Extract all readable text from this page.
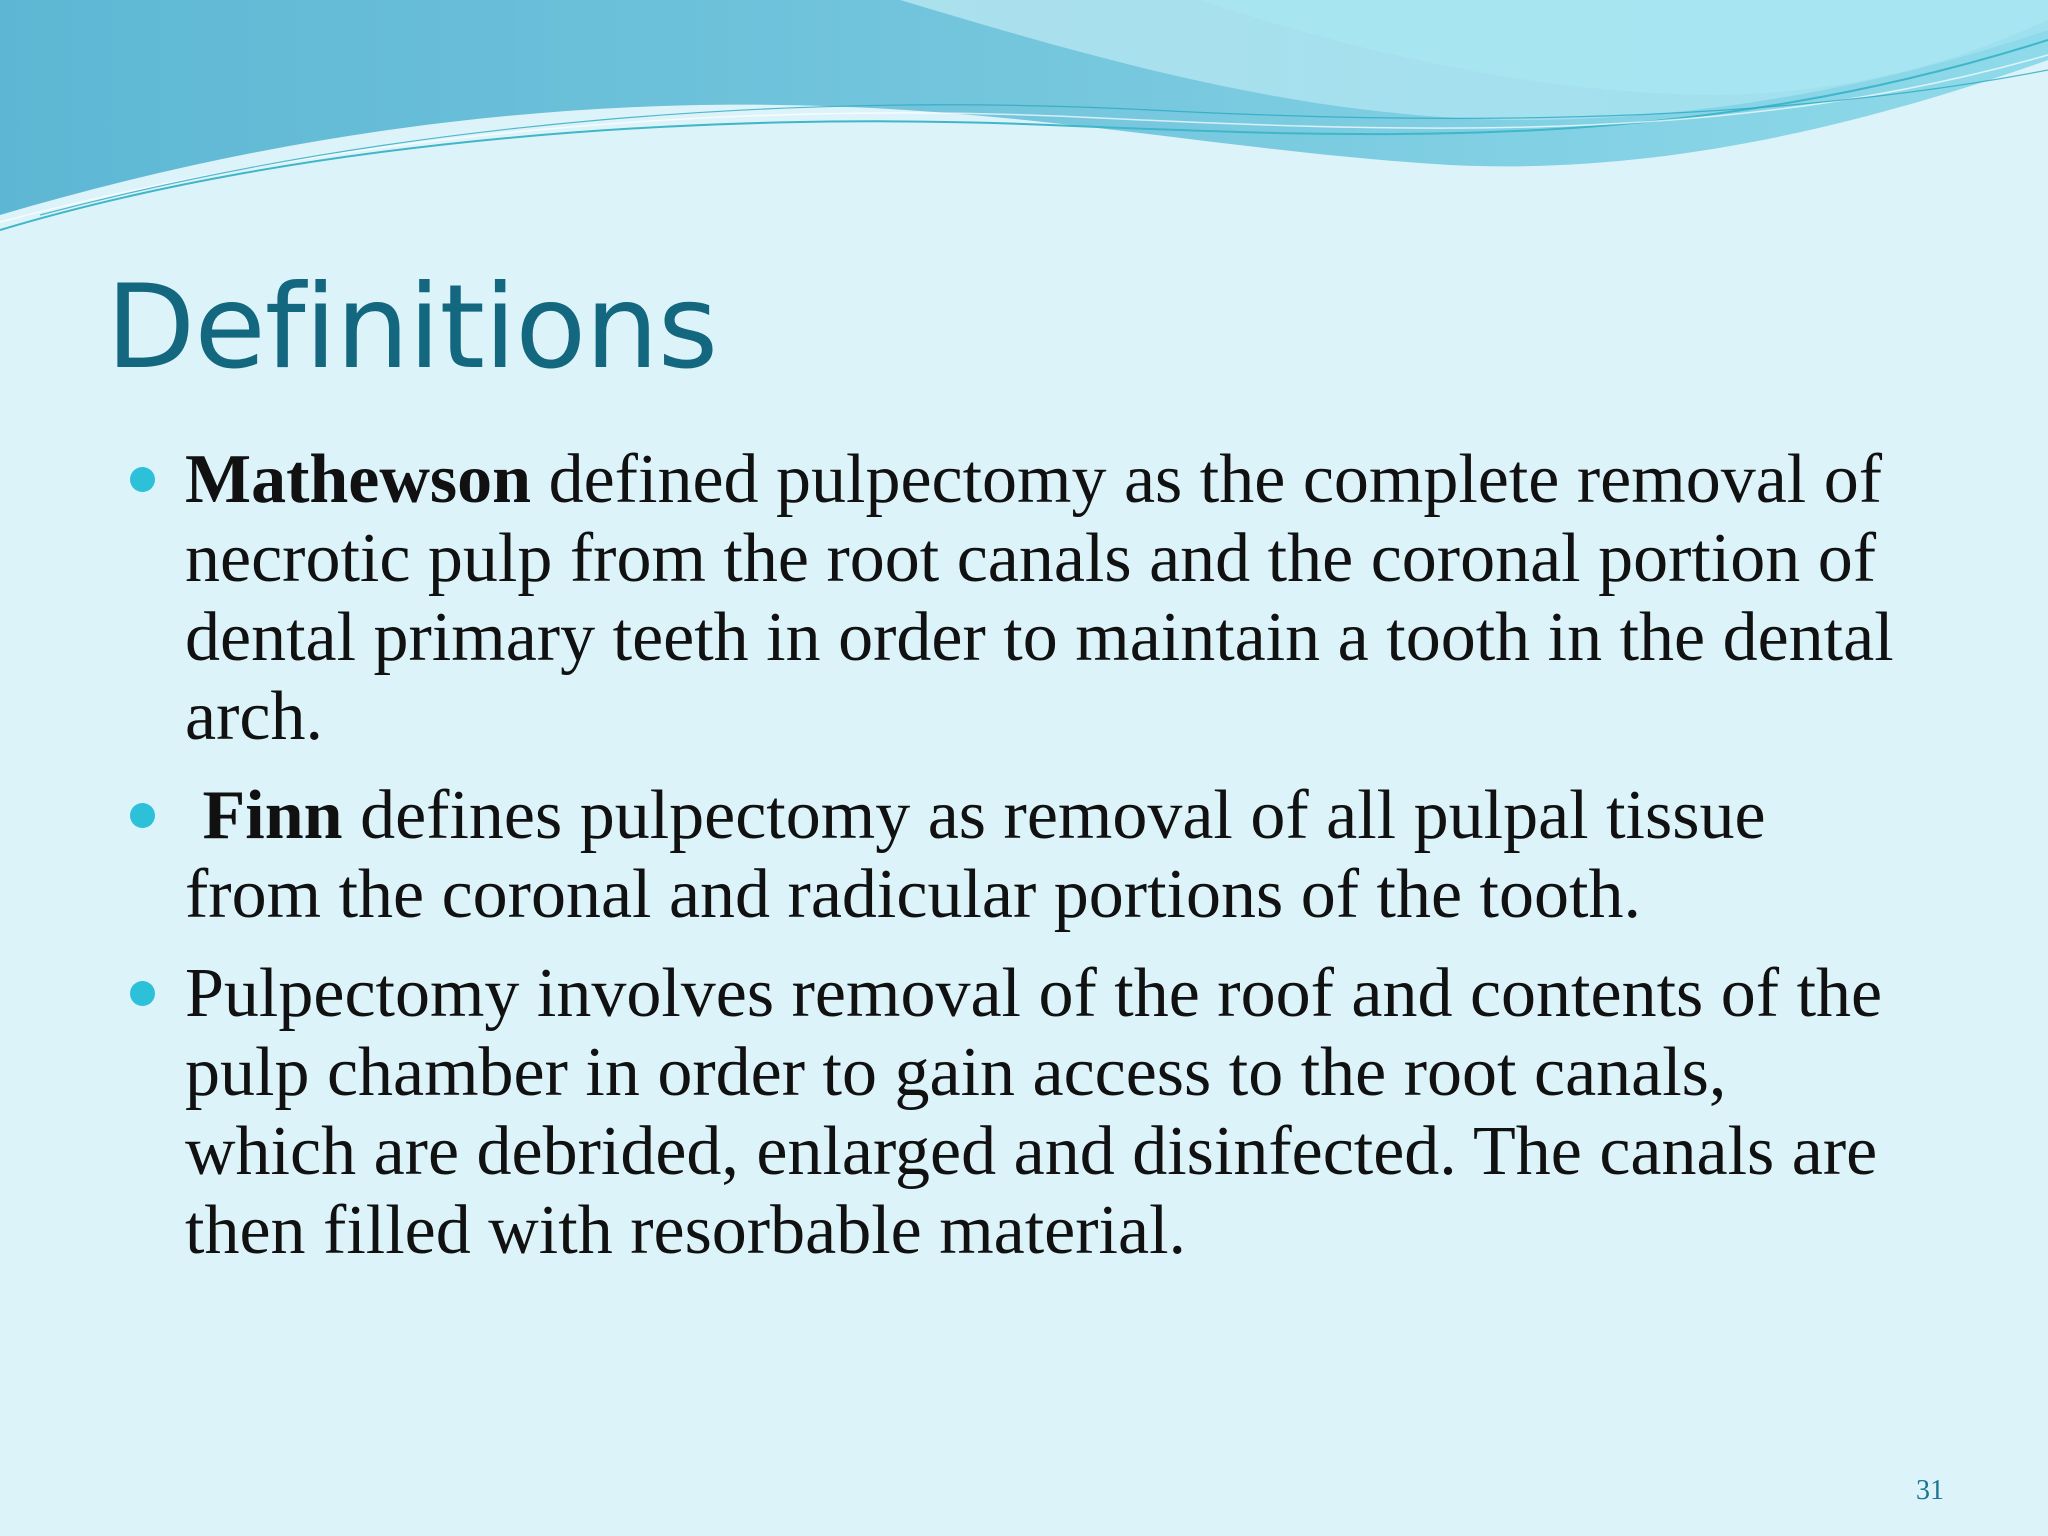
Definitions
Mathewson defined pulpectomy as the complete removal of necrotic pulp from the root canals and the coronal portion of dental primary teeth in order to maintain a tooth in the dental arch.
Finn defines pulpectomy as removal of all pulpal tissue from the coronal and radicular portions of the tooth.
Pulpectomy involves removal of the roof and contents of the pulp chamber in order to gain access to the root canals, which are debrided, enlarged and disinfected. The canals are then filled with resorbable material.
31
